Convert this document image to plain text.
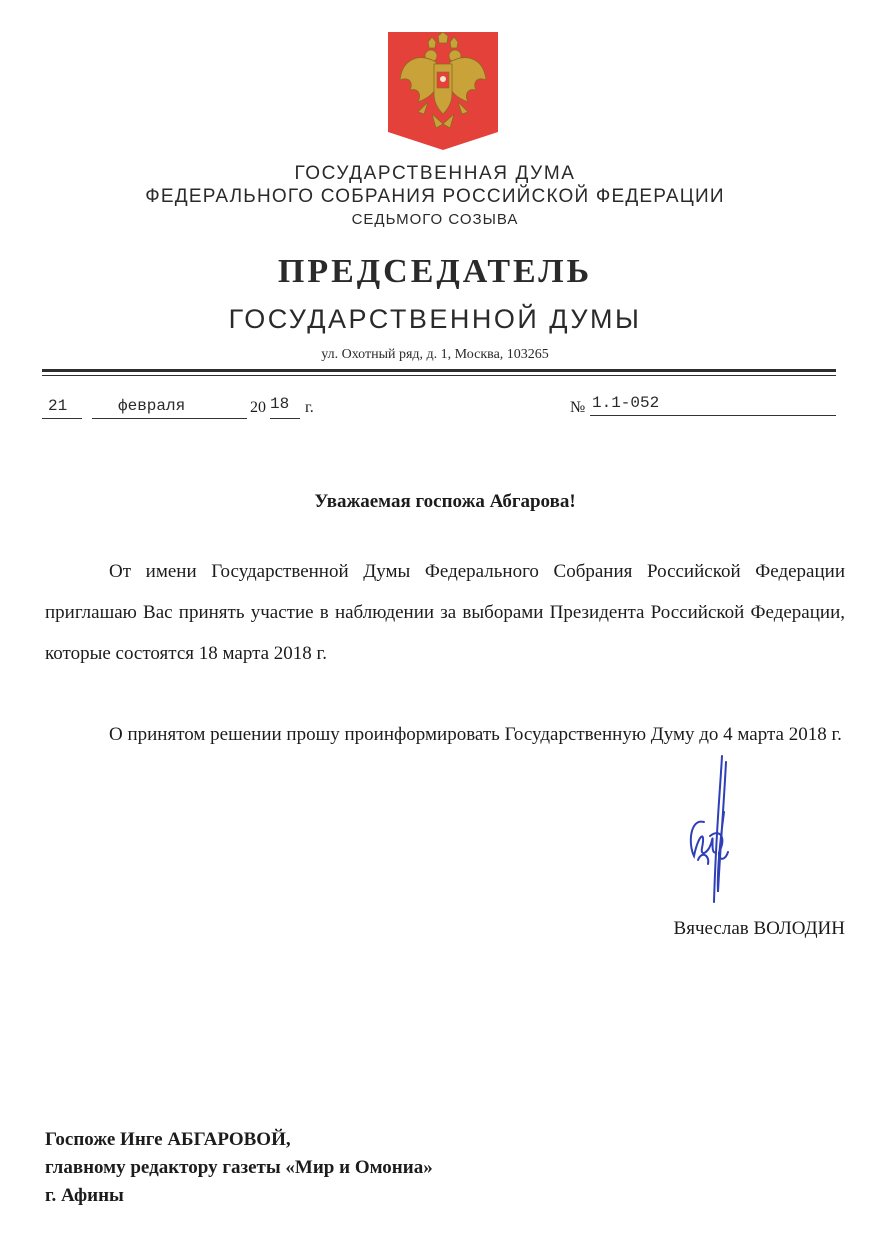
ГОСУДАРСТВЕННАЯ ДУМА
ФЕДЕРАЛЬНОГО СОБРАНИЯ РОССИЙСКОЙ ФЕДЕРАЦИИ
СЕДЬМОГО СОЗЫВА
ПРЕДСЕДАТЕЛЬ
ГОСУДАРСТВЕННОЙ ДУМЫ
ул. Охотный ряд, д. 1, Москва, 103265
21	февраля	20 18 г.	№ 1.1-052
Уважаемая госпожа Абгарова!
От имени Государственной Думы Федерального Собрания Российской Федерации приглашаю Вас принять участие в наблюдении за выборами Президента Российской Федерации, которые состоятся 18 марта 2018 г.
О принятом решении прошу проинформировать Государственную Думу до 4 марта 2018 г.
Вячеслав ВОЛОДИН
Госпоже Инге АБГАРОВОЙ,
главному редактору газеты «Мир и Омониа»
г. Афины
